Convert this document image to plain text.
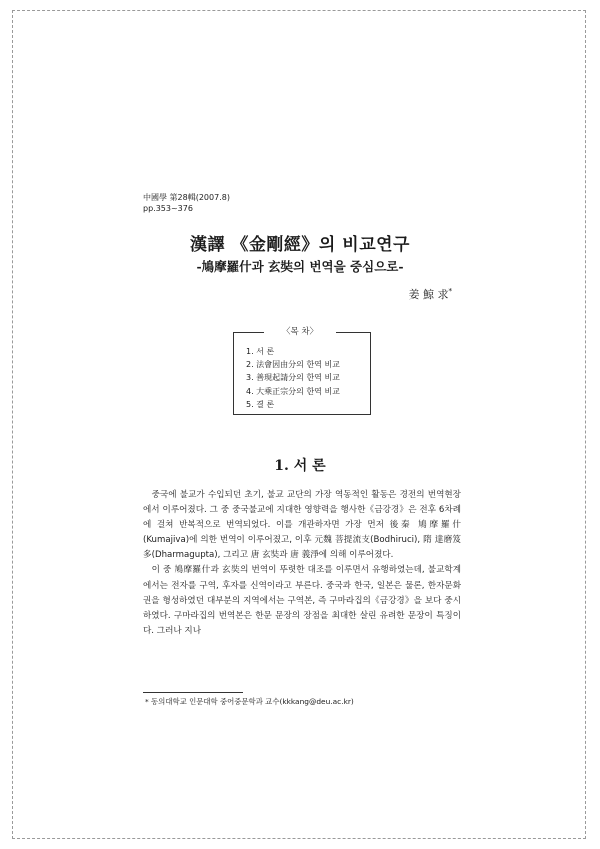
中國學 第28輯(2007.8)
pp.353~376
漢譯 《金剛經》의 비교연구
-鳩摩羅什과 玄奘의 번역을 중심으로-
姜 鯨 求*
1. 서 론
2. 法會因由分의 한역 비교
3. 善現起請分의 한역 비교
4. 大乘正宗分의 한역 비교
5. 결 론
〈목 차〉
1. 서 론

중국에 불교가 수입되던 초기, 불교 교단의 가장 역동적인 활동은 경전의 번역현장에서 이루어졌다. 그 중 중국불교에 지대한 영향력을 행사한《금강경》은 전후 6차례에 걸쳐 반복적으로 번역되었다. 이를 개관하자면 가장 먼저 後秦 鳩摩羅什(Kumajiva)에 의한 번역이 이루어졌고, 이후 元魏 菩提流支(Bodhiruci), 隋 達磨笈多(Dharmagupta), 그리고 唐 玄奘과 唐 義淨에 의해 이루어졌다.

이 중 鳩摩羅什과 玄奘의 번역이 뚜렷한 대조를 이루면서 유행하였는데, 불교학계에서는 전자를 구역, 후자를 신역이라고 부른다. 중국과 한국, 일본은 물론, 한자문화권을 형성하였던 대부분의 지역에서는 구역본, 즉 구마라집의《금강경》을 보다 중시하였다. 구마라집의 번역본은 한문 문장의 장점을 최대한 살린 유려한 문장이 특징이다. 그러나 지나

* 동의대학교 인문대학 중어중문학과 교수(kkkang@deu.ac.kr)
